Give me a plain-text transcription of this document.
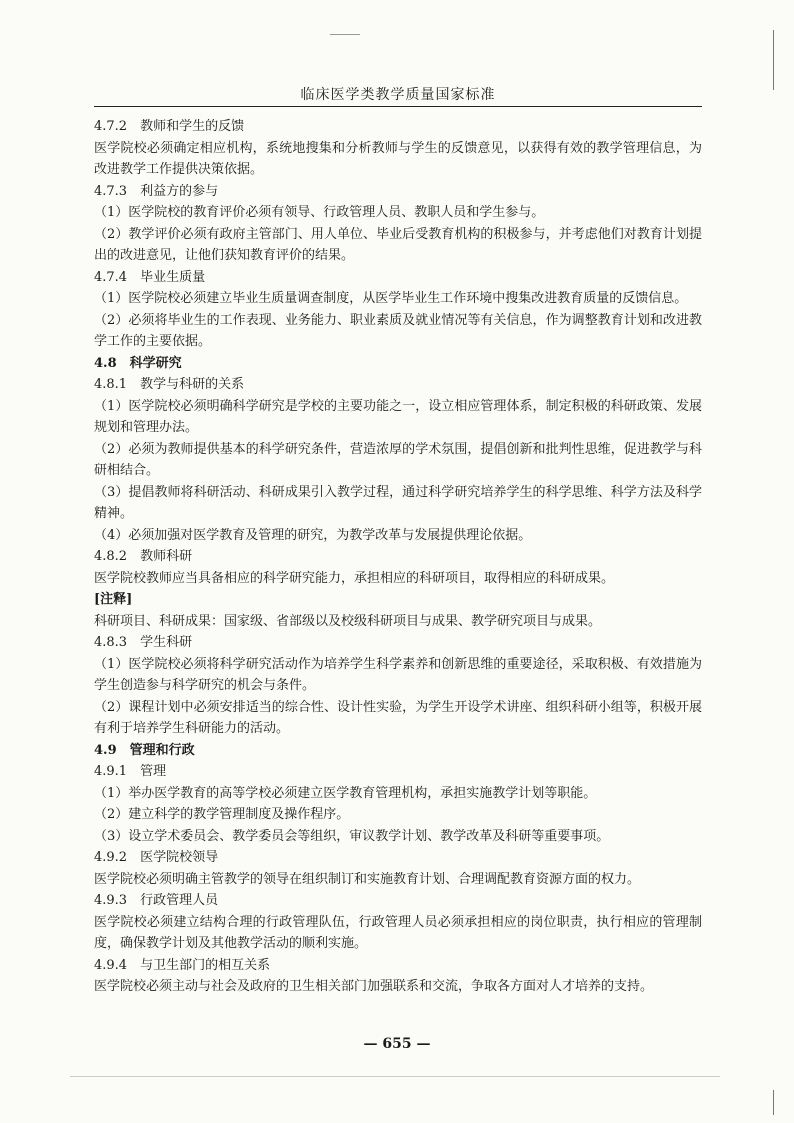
临床医学类教学质量国家标准

4.7.2　教师和学生的反馈

医学院校必须确定相应机构，系统地搜集和分析教师与学生的反馈意见，以获得有效的教学管理信息，为改进教学工作提供决策依据。

4.7.3　利益方的参与

（1）医学院校的教育评价必须有领导、行政管理人员、教职人员和学生参与。

（2）教学评价必须有政府主管部门、用人单位、毕业后受教育机构的积极参与，并考虑他们对教育计划提出的改进意见，让他们获知教育评价的结果。

4.7.4　毕业生质量

（1）医学院校必须建立毕业生质量调查制度，从医学毕业生工作环境中搜集改进教育质量的反馈信息。

（2）必须将毕业生的工作表现、业务能力、职业素质及就业情况等有关信息，作为调整教育计划和改进教学工作的主要依据。

4.8　科学研究

4.8.1　教学与科研的关系

（1）医学院校必须明确科学研究是学校的主要功能之一，设立相应管理体系，制定积极的科研政策、发展规划和管理办法。

（2）必须为教师提供基本的科学研究条件，营造浓厚的学术氛围，提倡创新和批判性思维，促进教学与科研相结合。

（3）提倡教师将科研活动、科研成果引入教学过程，通过科学研究培养学生的科学思维、科学方法及科学精神。

（4）必须加强对医学教育及管理的研究，为教学改革与发展提供理论依据。

4.8.2　教师科研

医学院校教师应当具备相应的科学研究能力，承担相应的科研项目，取得相应的科研成果。

[注释]

科研项目、科研成果：国家级、省部级以及校级科研项目与成果、教学研究项目与成果。

4.8.3　学生科研

（1）医学院校必须将科学研究活动作为培养学生科学素养和创新思维的重要途径，采取积极、有效措施为学生创造参与科学研究的机会与条件。

（2）课程计划中必须安排适当的综合性、设计性实验，为学生开设学术讲座、组织科研小组等，积极开展有利于培养学生科研能力的活动。

4.9　管理和行政

4.9.1　管理

（1）举办医学教育的高等学校必须建立医学教育管理机构，承担实施教学计划等职能。

（2）建立科学的教学管理制度及操作程序。

（3）设立学术委员会、教学委员会等组织，审议教学计划、教学改革及科研等重要事项。

4.9.2　医学院校领导

医学院校必须明确主管教学的领导在组织制订和实施教育计划、合理调配教育资源方面的权力。

4.9.3　行政管理人员

医学院校必须建立结构合理的行政管理队伍，行政管理人员必须承担相应的岗位职责，执行相应的管理制度，确保教学计划及其他教学活动的顺利实施。

4.9.4　与卫生部门的相互关系

医学院校必须主动与社会及政府的卫生相关部门加强联系和交流，争取各方面对人才培养的支持。

— 655 —
